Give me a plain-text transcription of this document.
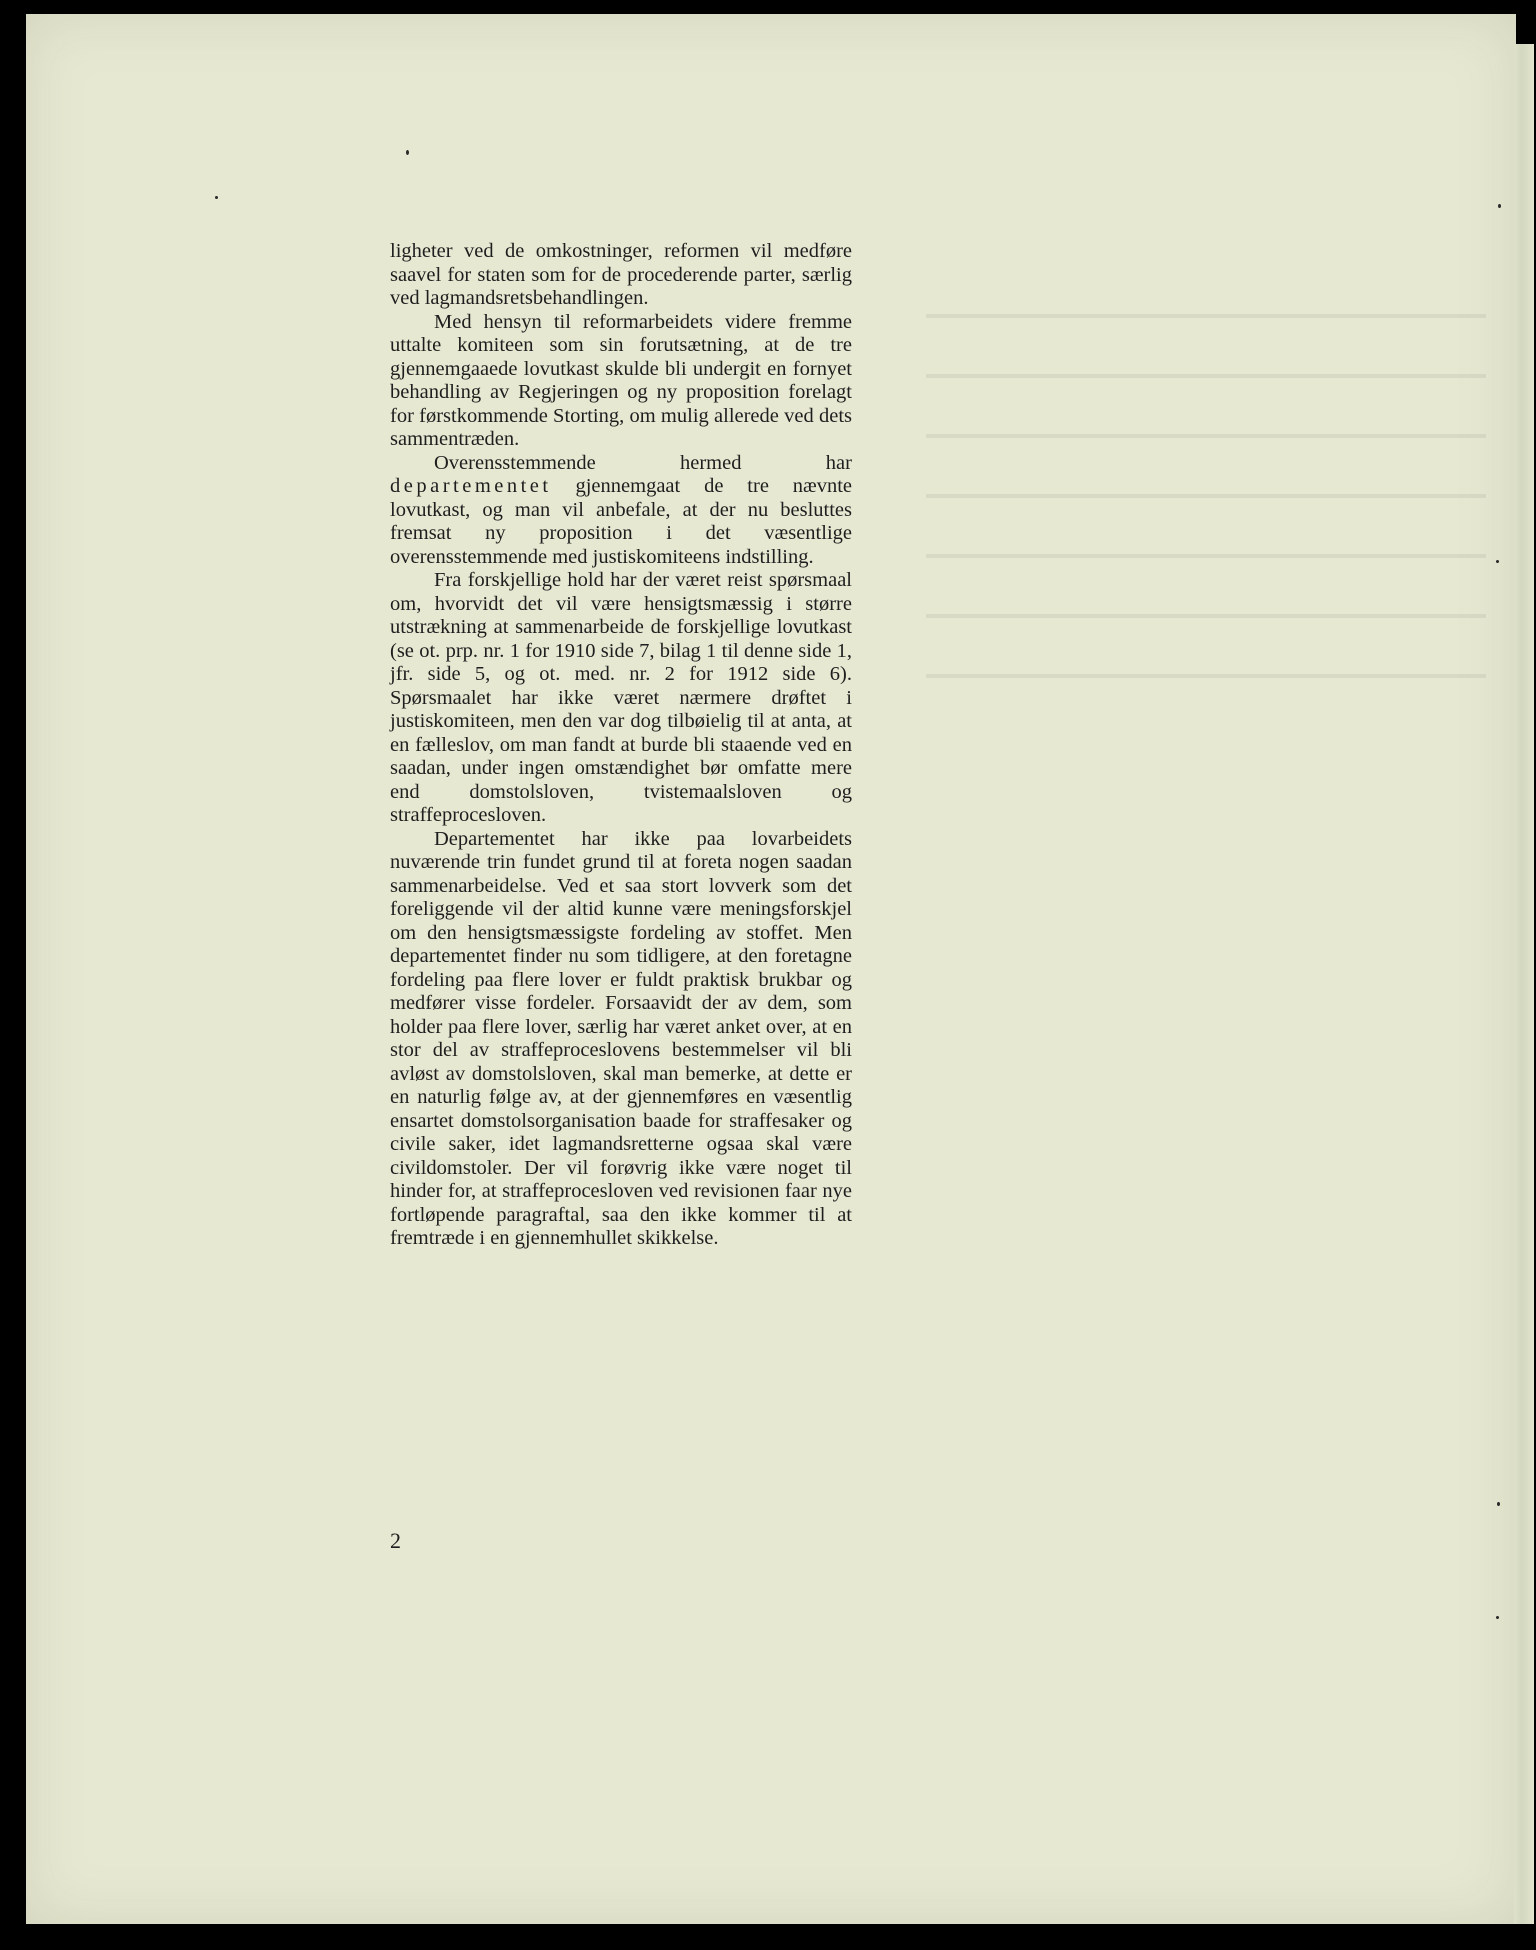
ligheter ved de omkostninger, reformen vil medføre saavel for staten som for de procederende parter, særlig ved lagmandsretsbehandlingen.

Med hensyn til reformarbeidets videre fremme uttalte komiteen som sin forutsætning, at de tre gjennemgaaede lovutkast skulde bli undergit en fornyet behandling av Regjeringen og ny proposition forelagt for førstkommende Storting, om mulig allerede ved dets sammentræden.

Overensstemmende hermed har departementet gjennemgaat de tre nævnte lovutkast, og man vil anbefale, at der nu besluttes fremsat ny proposition i det væsentlige overensstemmende med justiskomiteens indstilling.

Fra forskjellige hold har der været reist spørsmaal om, hvorvidt det vil være hensigtsmæssig i større utstrækning at sammenarbeide de forskjellige lovutkast (se ot. prp. nr. 1 for 1910 side 7, bilag 1 til denne side 1, jfr. side 5, og ot. med. nr. 2 for 1912 side 6). Spørsmaalet har ikke været nærmere drøftet i justiskomiteen, men den var dog tilbøielig til at anta, at en fælleslov, om man fandt at burde bli staaende ved en saadan, under ingen omstændighet bør omfatte mere end domstolsloven, tvistemaalsloven og straffeprocesloven.

Departementet har ikke paa lovarbeidets nuværende trin fundet grund til at foreta nogen saadan sammenarbeidelse. Ved et saa stort lovverk som det foreliggende vil der altid kunne være meningsforskjel om den hensigtsmæssigste fordeling av stoffet. Men departementet finder nu som tidligere, at den foretagne fordeling paa flere lover er fuldt praktisk brukbar og medfører visse fordeler. Forsaavidt der av dem, som holder paa flere lover, særlig har været anket over, at en stor del av straffeproceslovens bestemmelser vil bli avløst av domstolsloven, skal man bemerke, at dette er en naturlig følge av, at der gjennemføres en væsentlig ensartet domstolsorganisation baade for straffesaker og civile saker, idet lagmandsretterne ogsaa skal være civildomstoler. Der vil forøvrig ikke være noget til hinder for, at straffeprocesloven ved revisionen faar nye fortløpende paragraftal, saa den ikke kommer til at fremtræde i en gjennemhullet skikkelse.

2
